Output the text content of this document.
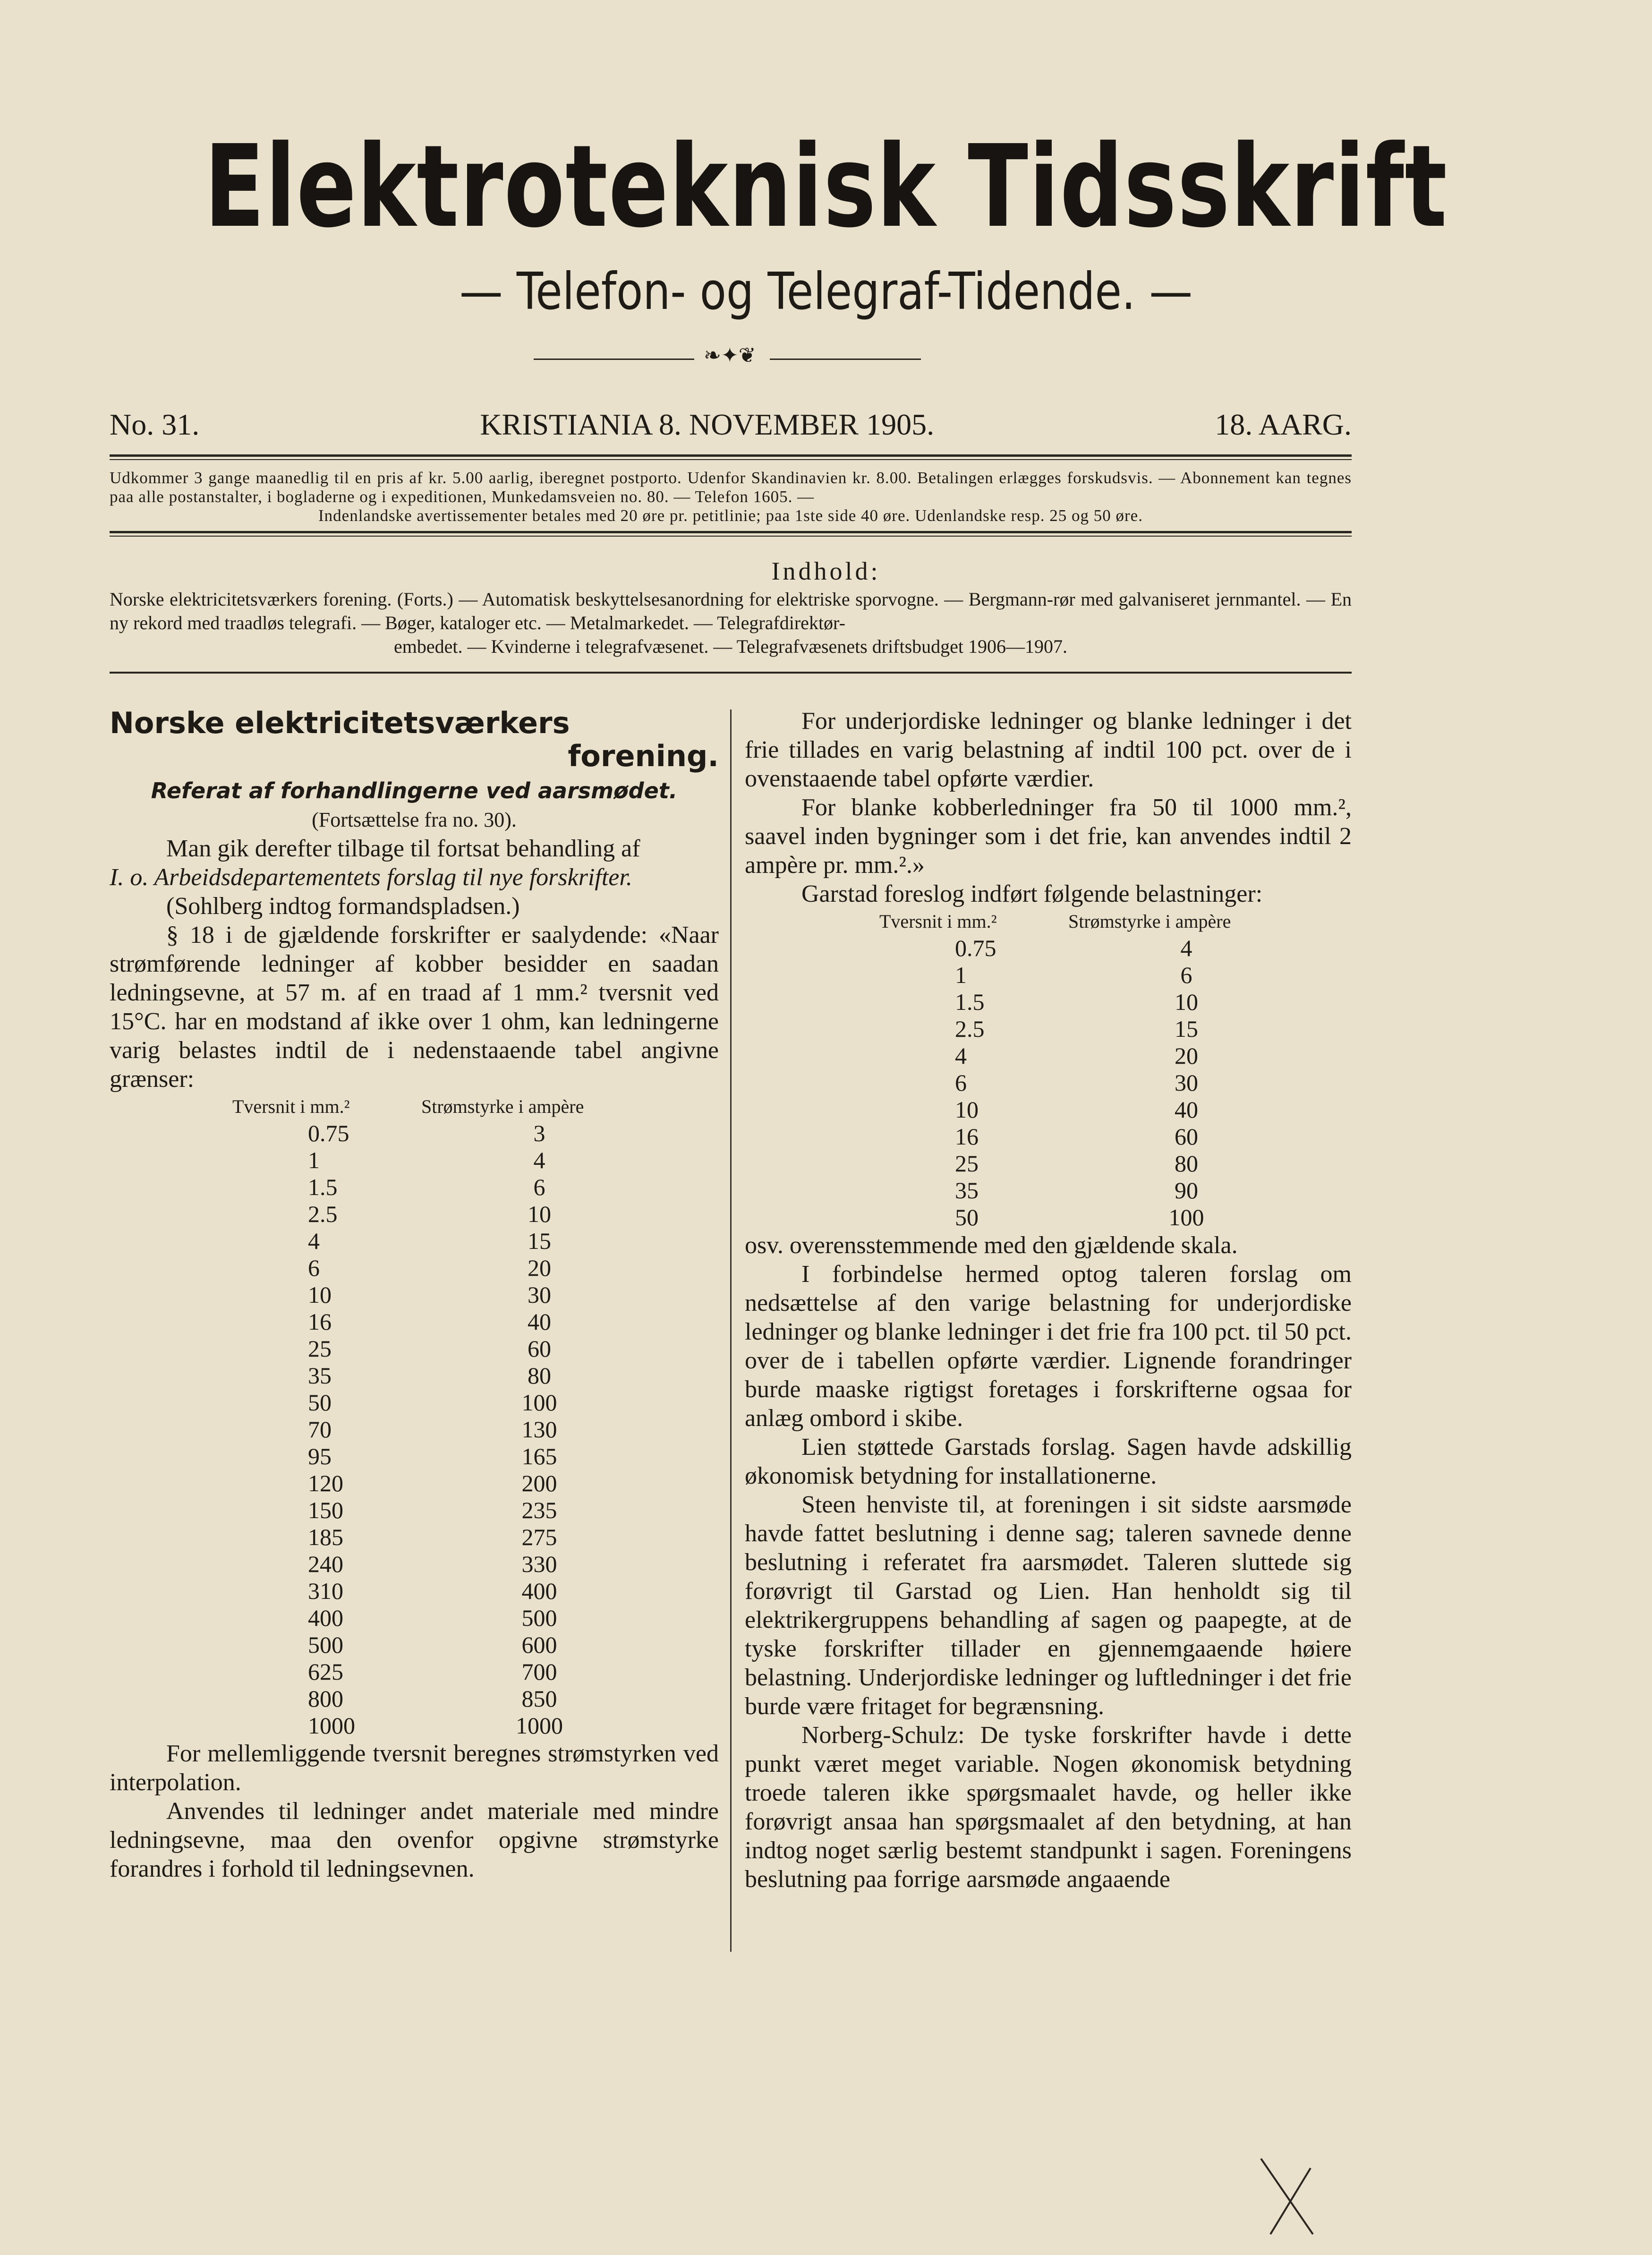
Elektroteknisk Tidsskrift
— Telefon- og Telegraf-Tidende. —
❧✦❦
No. 31.	KRISTIANIA 8. NOVEMBER 1905.	18. AARG.
Udkommer 3 gange maanedlig til en pris af kr. 5.00 aarlig, iberegnet postporto. Udenfor Skandinavien kr. 8.00. Betalingen erlægges forskudsvis. — Abonnement kan tegnes paa alle postanstalter, i bogladerne og i expeditionen, Munkedamsveien no. 80. — Telefon 1605. —
Indenlandske avertissementer betales med 20 øre pr. petitlinie; paa 1ste side 40 øre. Udenlandske resp. 25 og 50 øre.
Indhold:
Norske elektricitetsværkers forening. (Forts.) — Automatisk beskyttelsesanordning for elektriske sporvogne. — Bergmann-rør med galvaniseret jernmantel. — En ny rekord med traadløs telegrafi. — Bøger, kataloger etc. — Metalmarkedet. — Telegrafdirektør-
embedet. — Kvinderne i telegrafvæsenet. — Telegrafvæsenets driftsbudget 1906—1907.
Norske elektricitetsværkers
forening.
Referat af forhandlingerne ved aarsmødet.
(Fortsættelse fra no. 30).

Man gik derefter tilbage til fortsat behandling af

I. o. Arbeidsdepartementets forslag til nye forskrifter.

(Sohlberg indtog formandspladsen.)

§ 18 i de gjældende forskrifter er saalydende: «Naar strømførende ledninger af kobber besidder en saadan ledningsevne, at 57 m. af en traad af 1 mm.² tversnit ved 15°C. har en modstand af ikke over 1 ohm, kan ledningerne varig belastes indtil de i nedenstaaende tabel angivne grænser:

Tversnit i mm.²	Strømstyrke i ampère
0.75	3
1	4
1.5	6
2.5	10
4	15
6	20
10	30
16	40
25	60
35	80
50	100
70	130
95	165
120	200
150	235
185	275
240	330
310	400
400	500
500	600
625	700
800	850
1000	1000

For mellemliggende tversnit beregnes strømstyrken ved interpolation.

Anvendes til ledninger andet materiale med mindre ledningsevne, maa den ovenfor opgivne strømstyrke forandres i forhold til ledningsevnen.

For underjordiske ledninger og blanke ledninger i det frie tillades en varig belastning af indtil 100 pct. over de i ovenstaaende tabel opførte værdier.

For blanke kobberledninger fra 50 til 1000 mm.², saavel inden bygninger som i det frie, kan anvendes indtil 2 ampère pr. mm.².»

Garstad foreslog indført følgende belastninger:

Tversnit i mm.²	Strømstyrke i ampère
0.75	4
1	6
1.5	10
2.5	15
4	20
6	30
10	40
16	60
25	80
35	90
50	100

osv. overensstemmende med den gjældende skala.

I forbindelse hermed optog taleren forslag om nedsættelse af den varige belastning for underjordiske ledninger og blanke ledninger i det frie fra 100 pct. til 50 pct. over de i tabellen opførte værdier. Lignende forandringer burde maaske rigtigst foretages i forskrifterne ogsaa for anlæg ombord i skibe.

Lien støttede Garstads forslag. Sagen havde adskillig økonomisk betydning for installationerne.

Steen henviste til, at foreningen i sit sidste aarsmøde havde fattet beslutning i denne sag; taleren savnede denne beslutning i referatet fra aarsmødet. Taleren sluttede sig forøvrigt til Garstad og Lien. Han henholdt sig til elektrikergruppens behandling af sagen og paapegte, at de tyske forskrifter tillader en gjennemgaaende høiere belastning. Underjordiske ledninger og luftledninger i det frie burde være fritaget for begrænsning.

Norberg-Schulz: De tyske forskrifter havde i dette punkt været meget variable. Nogen økonomisk betydning troede taleren ikke spørgsmaalet havde, og heller ikke forøvrigt ansaa han spørgsmaalet af den betydning, at han indtog noget særlig bestemt standpunkt i sagen. Foreningens beslutning paa forrige aarsmøde angaaende
